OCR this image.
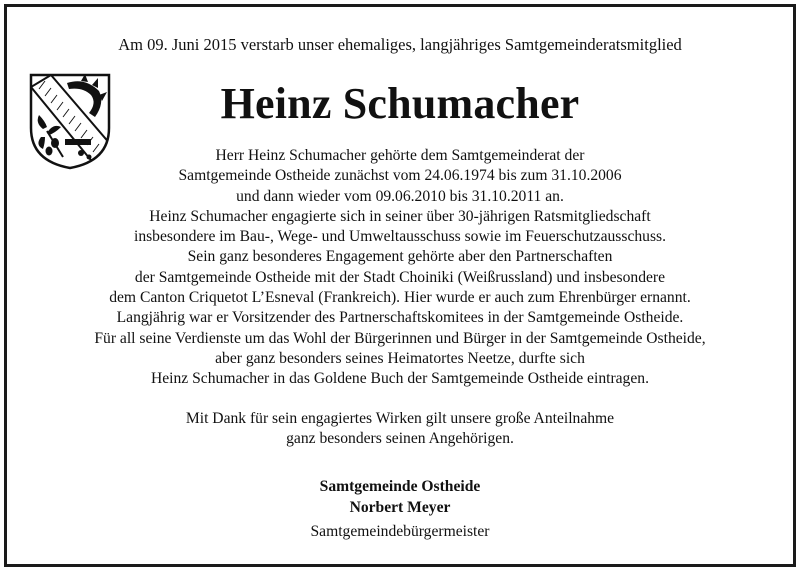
Am 09. Juni 2015 verstarb unser ehemaliges, langjähriges Samtgemeinderatsmitglied
Heinz Schumacher
Herr Heinz Schumacher gehörte dem Samtgemeinderat der
Samtgemeinde Ostheide zunächst vom 24.06.1974 bis zum 31.10.2006
und dann wieder vom 09.06.2010 bis 31.10.2011 an.
Heinz Schumacher engagierte sich in seiner über 30-jährigen Ratsmitgliedschaft
insbesondere im Bau-, Wege- und Umweltausschuss sowie im Feuerschutzausschuss.
Sein ganz besonderes Engagement gehörte aber den Partnerschaften
der Samtgemeinde Ostheide mit der Stadt Choiniki (Weißrussland) und insbesondere
dem Canton Criquetot L’Esneval (Frankreich). Hier wurde er auch zum Ehrenbürger ernannt.
Langjährig war er Vorsitzender des Partnerschaftskomitees in der Samtgemeinde Ostheide.
Für all seine Verdienste um das Wohl der Bürgerinnen und Bürger in der Samtgemeinde Ostheide,
aber ganz besonders seines Heimatortes Neetze, durfte sich
Heinz Schumacher in das Goldene Buch der Samtgemeinde Ostheide eintragen.
Mit Dank für sein engagiertes Wirken gilt unsere große Anteilnahme
ganz besonders seinen Angehörigen.
Samtgemeinde Ostheide
Norbert Meyer
Samtgemeindebürgermeister
